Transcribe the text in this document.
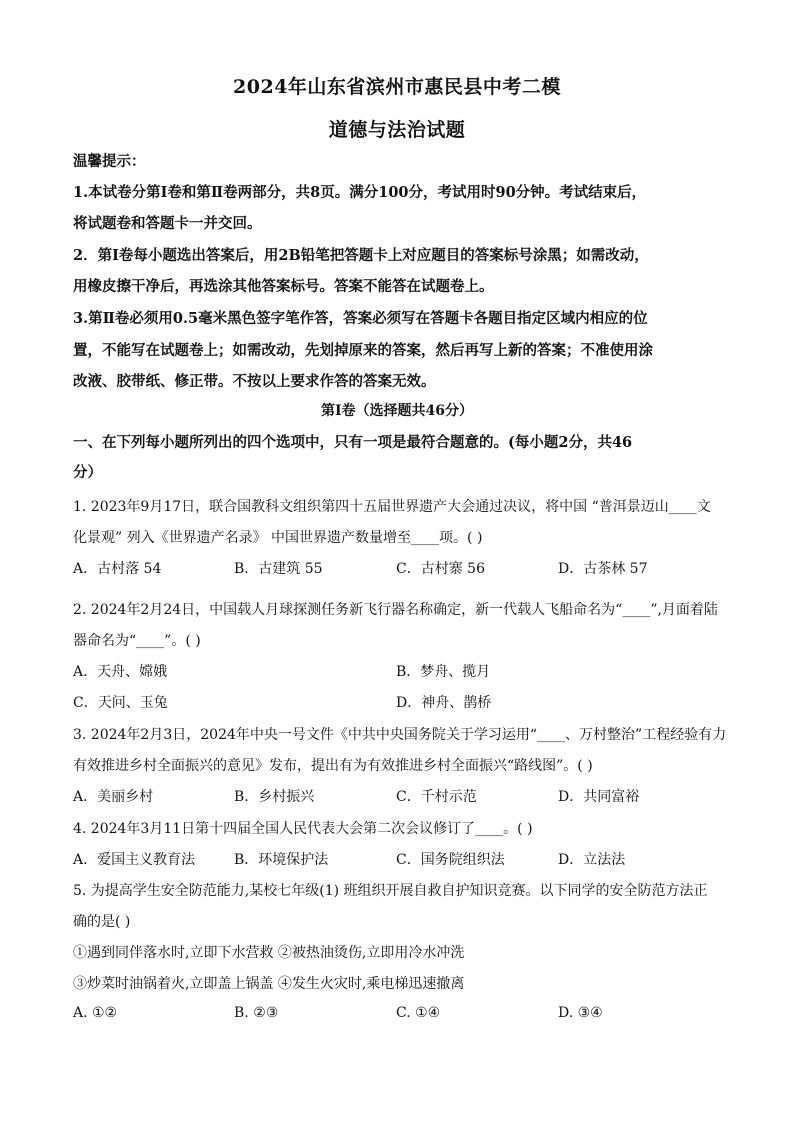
2024年山东省滨州市惠民县中考二模
道德与法治试题
温馨提示：
1.本试卷分第Ⅰ卷和第Ⅱ卷两部分，共8页。满分100分，考试用时90分钟。考试结束后，
将试题卷和答题卡一并交回。
2．第Ⅰ卷每小题选出答案后，用2B铅笔把答题卡上对应题目的答案标号涂黑；如需改动，
用橡皮擦干净后，再选涂其他答案标号。答案不能答在试题卷上。
3.第Ⅱ卷必须用0.5毫米黑色签字笔作答，答案必须写在答题卡各题目指定区域内相应的位
置，不能写在试题卷上；如需改动，先划掉原来的答案，然后再写上新的答案；不准使用涂
改液、胶带纸、修正带。不按以上要求作答的答案无效。
第I卷（选择题共46分）
一、在下列每小题所列出的四个选项中，只有一项是最符合题意的。(每小题2分，共46
分）
1. 2023年9月17日，联合国教科文组织第四十五届世界遗产大会通过决议，将中国 “普洱景迈山____文
化景观” 列入《世界遗产名录》 中国世界遗产数量增至____项。( )
A．古村落 54	B．古建筑 55	C．古村寨 56	D．古茶林 57
2. 2024年2月24日，中国载人月球探测任务新飞行器名称确定，新一代载人飞船命名为“____”,月面着陆
器命名为“____”。( )
A．天舟、嫦娥	B．梦舟、揽月
C．天问、玉兔	D．神舟、鹊桥
3. 2024年2月3日，2024年中央一号文件《中共中央国务院关于学习运用“____、万村整治”工程经验有力
有效推进乡村全面振兴的意见》发布，提出有为有效推进乡村全面振兴“路线图”。( )
A．美丽乡村	B．乡村振兴	C．千村示范	D．共同富裕
4. 2024年3月11日第十四届全国人民代表大会第二次会议修订了____。( )
A．爱国主义教育法	B．环境保护法	C．国务院组织法	D．立法法
5. 为提高学生安全防范能力,某校七年级(1) 班组织开展自救自护知识竞赛。以下同学的安全防范方法正
确的是( )
①遇到同伴落水时,立即下水营救 ②被热油烫伤,立即用冷水冲洗
③炒菜时油锅着火,立即盖上锅盖 ④发生火灾时,乘电梯迅速撤离
A. ①②	B. ②③	C. ①④	D. ③④
